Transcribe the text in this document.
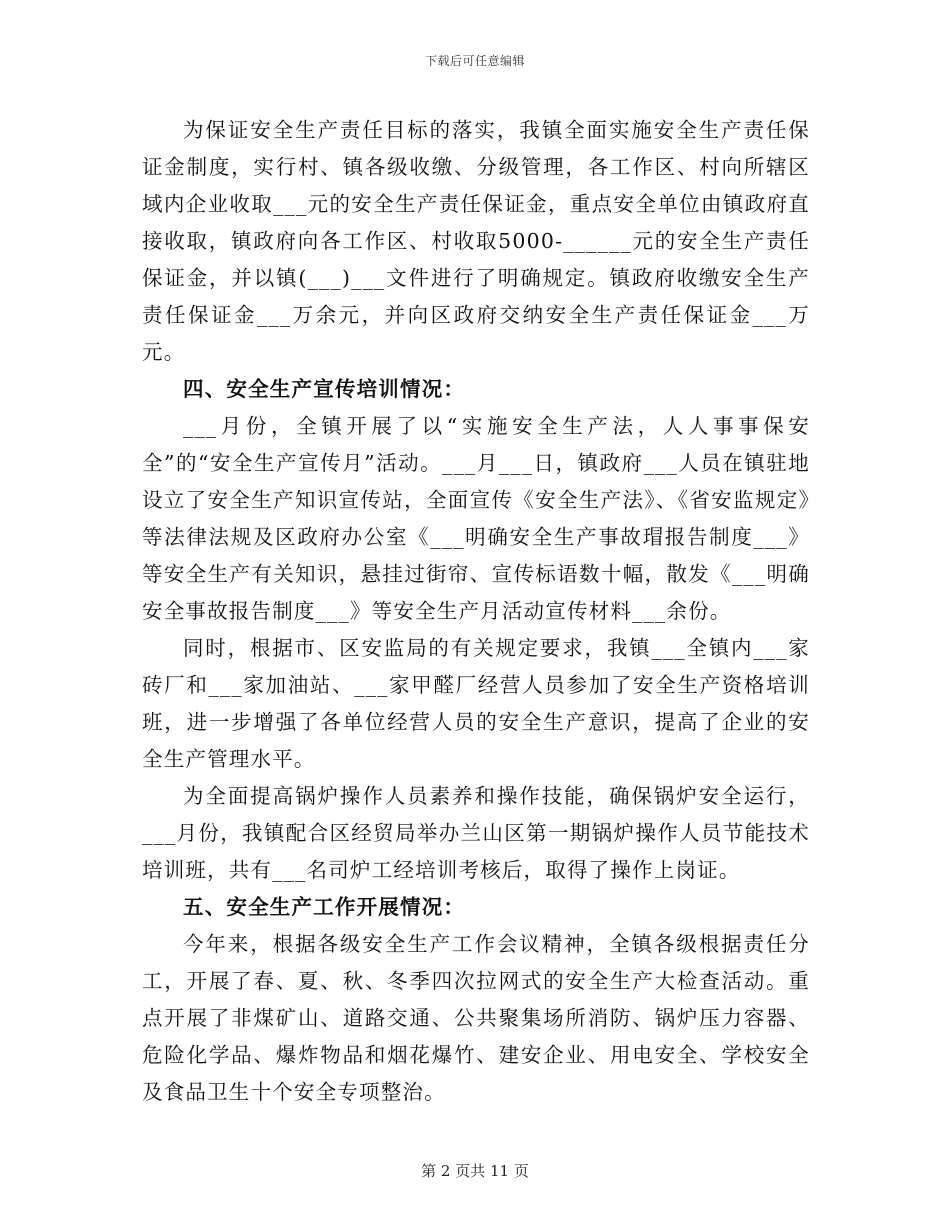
下载后可任意编辑

为保证安全生产责任目标的落实，我镇全面实施安全生产责任保证金制度，实行村、镇各级收缴、分级管理，各工作区、村向所辖区域内企业收取___元的安全生产责任保证金，重点安全单位由镇政府直接收取，镇政府向各工作区、村收取5000-______元的安全生产责任保证金，并以镇(___)___文件进行了明确规定。镇政府收缴安全生产责任保证金___万余元，并向区政府交纳安全生产责任保证金___万元。

四、安全生产宣传培训情况：

___月份，全镇开展了以“实施安全生产法，人人事事保安全”的“安全生产宣传月”活动。___月___日，镇政府___人员在镇驻地设立了安全生产知识宣传站，全面宣传《安全生产法》、《省安监规定》等法律法规及区政府办公室《___明确安全生产事故瑁报告制度___》等安全生产有关知识，悬挂过街帘、宣传标语数十幅，散发《___明确安全事故报告制度___》等安全生产月活动宣传材料___余份。

同时，根据市、区安监局的有关规定要求，我镇___全镇内___家砖厂和___家加油站、___家甲醛厂经营人员参加了安全生产资格培训班，进一步增强了各单位经营人员的安全生产意识，提高了企业的安全生产管理水平。

为全面提高锅炉操作人员素养和操作技能，确保锅炉安全运行，___月份，我镇配合区经贸局举办兰山区第一期锅炉操作人员节能技术培训班，共有___名司炉工经培训考核后，取得了操作上岗证。

五、安全生产工作开展情况：

今年来，根据各级安全生产工作会议精神，全镇各级根据责任分工，开展了春、夏、秋、冬季四次拉网式的安全生产大检查活动。重点开展了非煤矿山、道路交通、公共聚集场所消防、锅炉压力容器、危险化学品、爆炸物品和烟花爆竹、建安企业、用电安全、学校安全及食品卫生十个安全专项整治。

第 2 页共 11 页
